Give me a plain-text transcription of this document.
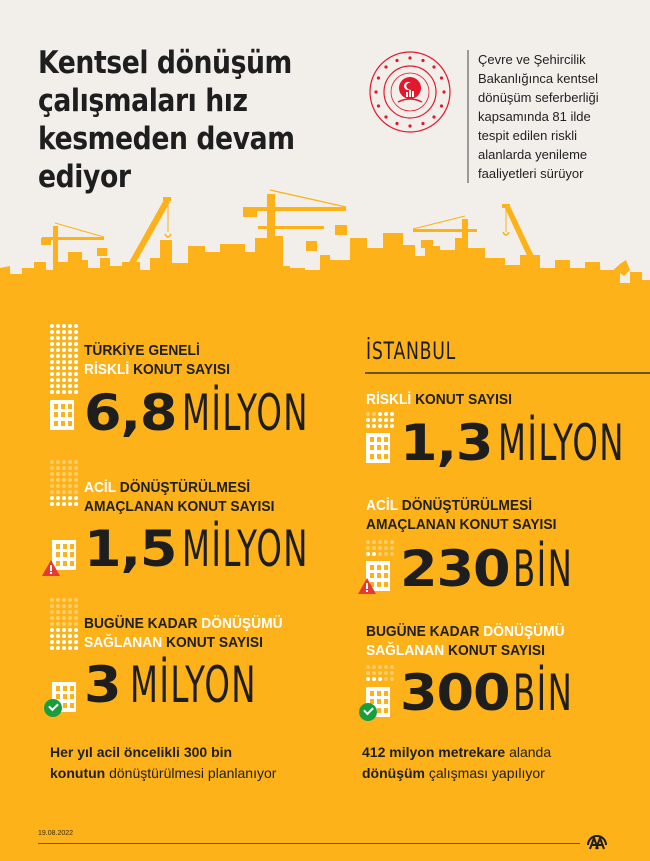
Kentsel dönüşüm
çalışmaları hız
kesmeden devam
ediyor
Çevre ve Şehircilik
Bakanlığınca kentsel
dönüşüm seferberliği
kapsamında 81 ilde
tespit edilen riskli
alanlarda yenileme
faaliyetleri sürüyor
TÜRKİYE GENELİ
RİSKLİ KONUT SAYISI
6,8 MİLYON
ACİL DÖNÜŞTÜRÜLMESİ
AMAÇLANAN KONUT SAYISI
1,5 MİLYON
BUGÜNE KADAR DÖNÜŞÜMÜ
SAĞLANAN KONUT SAYISI
3 MİLYON
Her yıl acil öncelikli 300 bin
konutun dönüştürülmesi planlanıyor
İSTANBUL
RİSKLİ KONUT SAYISI
1,3 MİLYON
ACİL DÖNÜŞTÜRÜLMESİ
AMAÇLANAN KONUT SAYISI
230BİN
BUGÜNE KADAR DÖNÜŞÜMÜ
SAĞLANAN KONUT SAYISI
300BİN
412 milyon metrekare alanda
dönüşüm çalışması yapılıyor
19.08.2022
